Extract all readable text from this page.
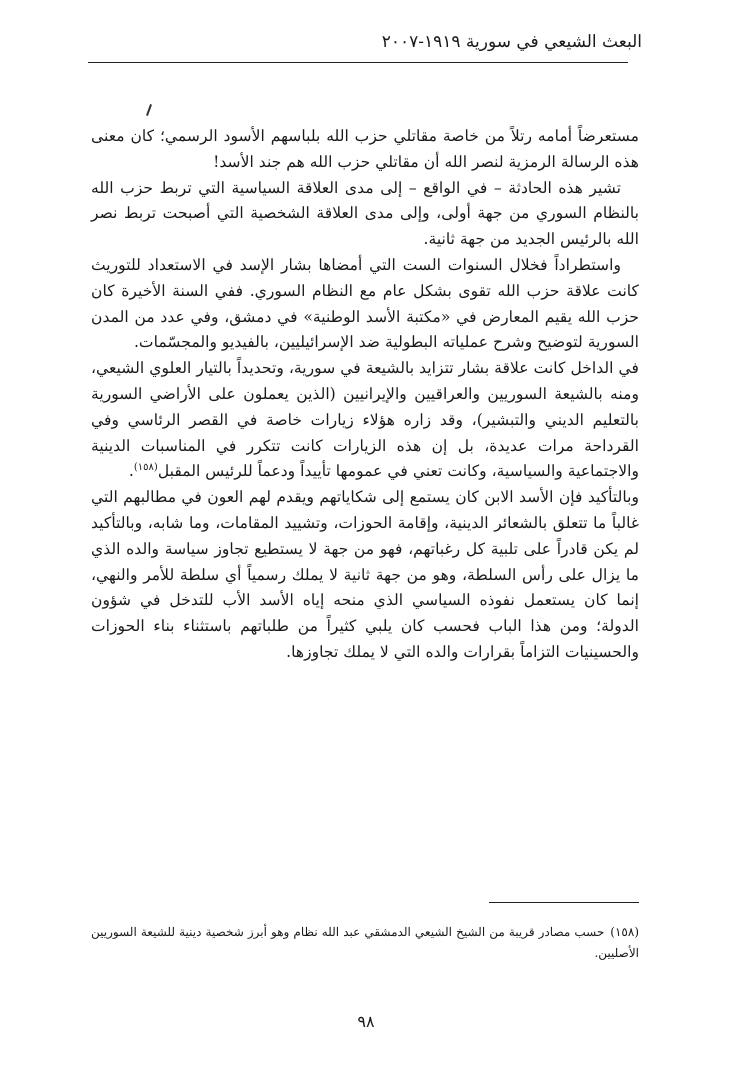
البعث الشيعي في سورية ١٩١٩-٢٠٠٧

مستعرضاً أمامه رتلاً من خاصة مقاتلي حزب الله بلباسهم الأسود الرسمي؛ كان معنى هذه الرسالة الرمزية لنصر الله أن مقاتلي حزب الله هم جند الأسد!

تشير هذه الحادثة – في الواقع – إلى مدى العلاقة السياسية التي تربط حزب الله بالنظام السوري من جهة أولى، وإلى مدى العلاقة الشخصية التي أصبحت تربط نصر الله بالرئيس الجديد من جهة ثانية.

واستطراداً فخلال السنوات الست التي أمضاها بشار الإسد في الاستعداد للتوريث كانت علاقة حزب الله تقوى بشكل عام مع النظام السوري. ففي السنة الأخيرة كان حزب الله يقيم المعارض في «مكتبة الأسد الوطنية» في دمشق، وفي عدد من المدن السورية لتوضيح وشرح عملياته البطولية ضد الإسرائيليين، بالفيديو والمجسّمات.

في الداخل كانت علاقة بشار تتزايد بالشيعة في سورية، وتحديداً بالتيار العلوي الشيعي، ومنه بالشيعة السوريين والعراقيين والإيرانيين (الذين يعملون على الأراضي السورية بالتعليم الديني والتبشير)، وقد زاره هؤلاء زيارات خاصة في القصر الرئاسي وفي القرداحة مرات عديدة، بل إن هذه الزيارات كانت تتكرر في المناسبات الدينية والاجتماعية والسياسية، وكانت تعني في عمومها تأييداً ودعماً للرئيس المقبل$^{(١٥٨)}$.

وبالتأكيد فإن الأسد الابن كان يستمع إلى شكاياتهم ويقدم لهم العون في مطالبهم التي غالباً ما تتعلق بالشعائر الدينية، وإقامة الحوزات، وتشييد المقامات، وما شابه، وبالتأكيد لم يكن قادراً على تلبية كل رغباتهم، فهو من جهة لا يستطيع تجاوز سياسة والده الذي ما يزال على رأس السلطة، وهو من جهة ثانية لا يملك رسمياً أي سلطة للأمر والنهي، إنما كان يستعمل نفوذه السياسي الذي منحه إياه الأسد الأب للتدخل في شؤون الدولة؛ ومن هذا الباب فحسب كان يلبي كثيراً من طلباتهم باستثناء بناء الحوزات والحسينيات التزاماً بقرارات والده التي لا يملك تجاوزها.

(١٥٨)حسب مصادر قريبة من الشيخ الشيعي الدمشقي عبد الله نظام وهو أبرز شخصية دينية للشيعة السوريين الأصليين.
٩٨
